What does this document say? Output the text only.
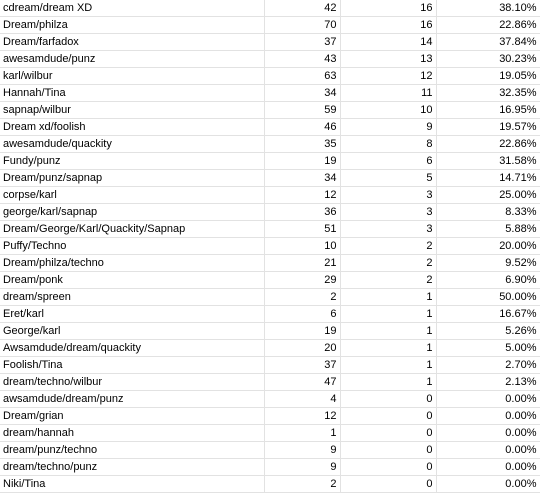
cdream/dream XD	42	16	38.10%
Dream/philza	70	16	22.86%
Dream/farfadox	37	14	37.84%
awesamdude/punz	43	13	30.23%
karl/wilbur	63	12	19.05%
Hannah/Tina	34	11	32.35%
sapnap/wilbur	59	10	16.95%
Dream xd/foolish	46	9	19.57%
awesamdude/quackity	35	8	22.86%
Fundy/punz	19	6	31.58%
Dream/punz/sapnap	34	5	14.71%
corpse/karl	12	3	25.00%
george/karl/sapnap	36	3	8.33%
Dream/George/Karl/Quackity/Sapnap	51	3	5.88%
Puffy/Techno	10	2	20.00%
Dream/philza/techno	21	2	9.52%
Dream/ponk	29	2	6.90%
dream/spreen	2	1	50.00%
Eret/karl	6	1	16.67%
George/karl	19	1	5.26%
Awsamdude/dream/quackity	20	1	5.00%
Foolish/Tina	37	1	2.70%
dream/techno/wilbur	47	1	2.13%
awsamdude/dream/punz	4	0	0.00%
Dream/grian	12	0	0.00%
dream/hannah	1	0	0.00%
dream/punz/techno	9	0	0.00%
dream/techno/punz	9	0	0.00%
Niki/Tina	2	0	0.00%
